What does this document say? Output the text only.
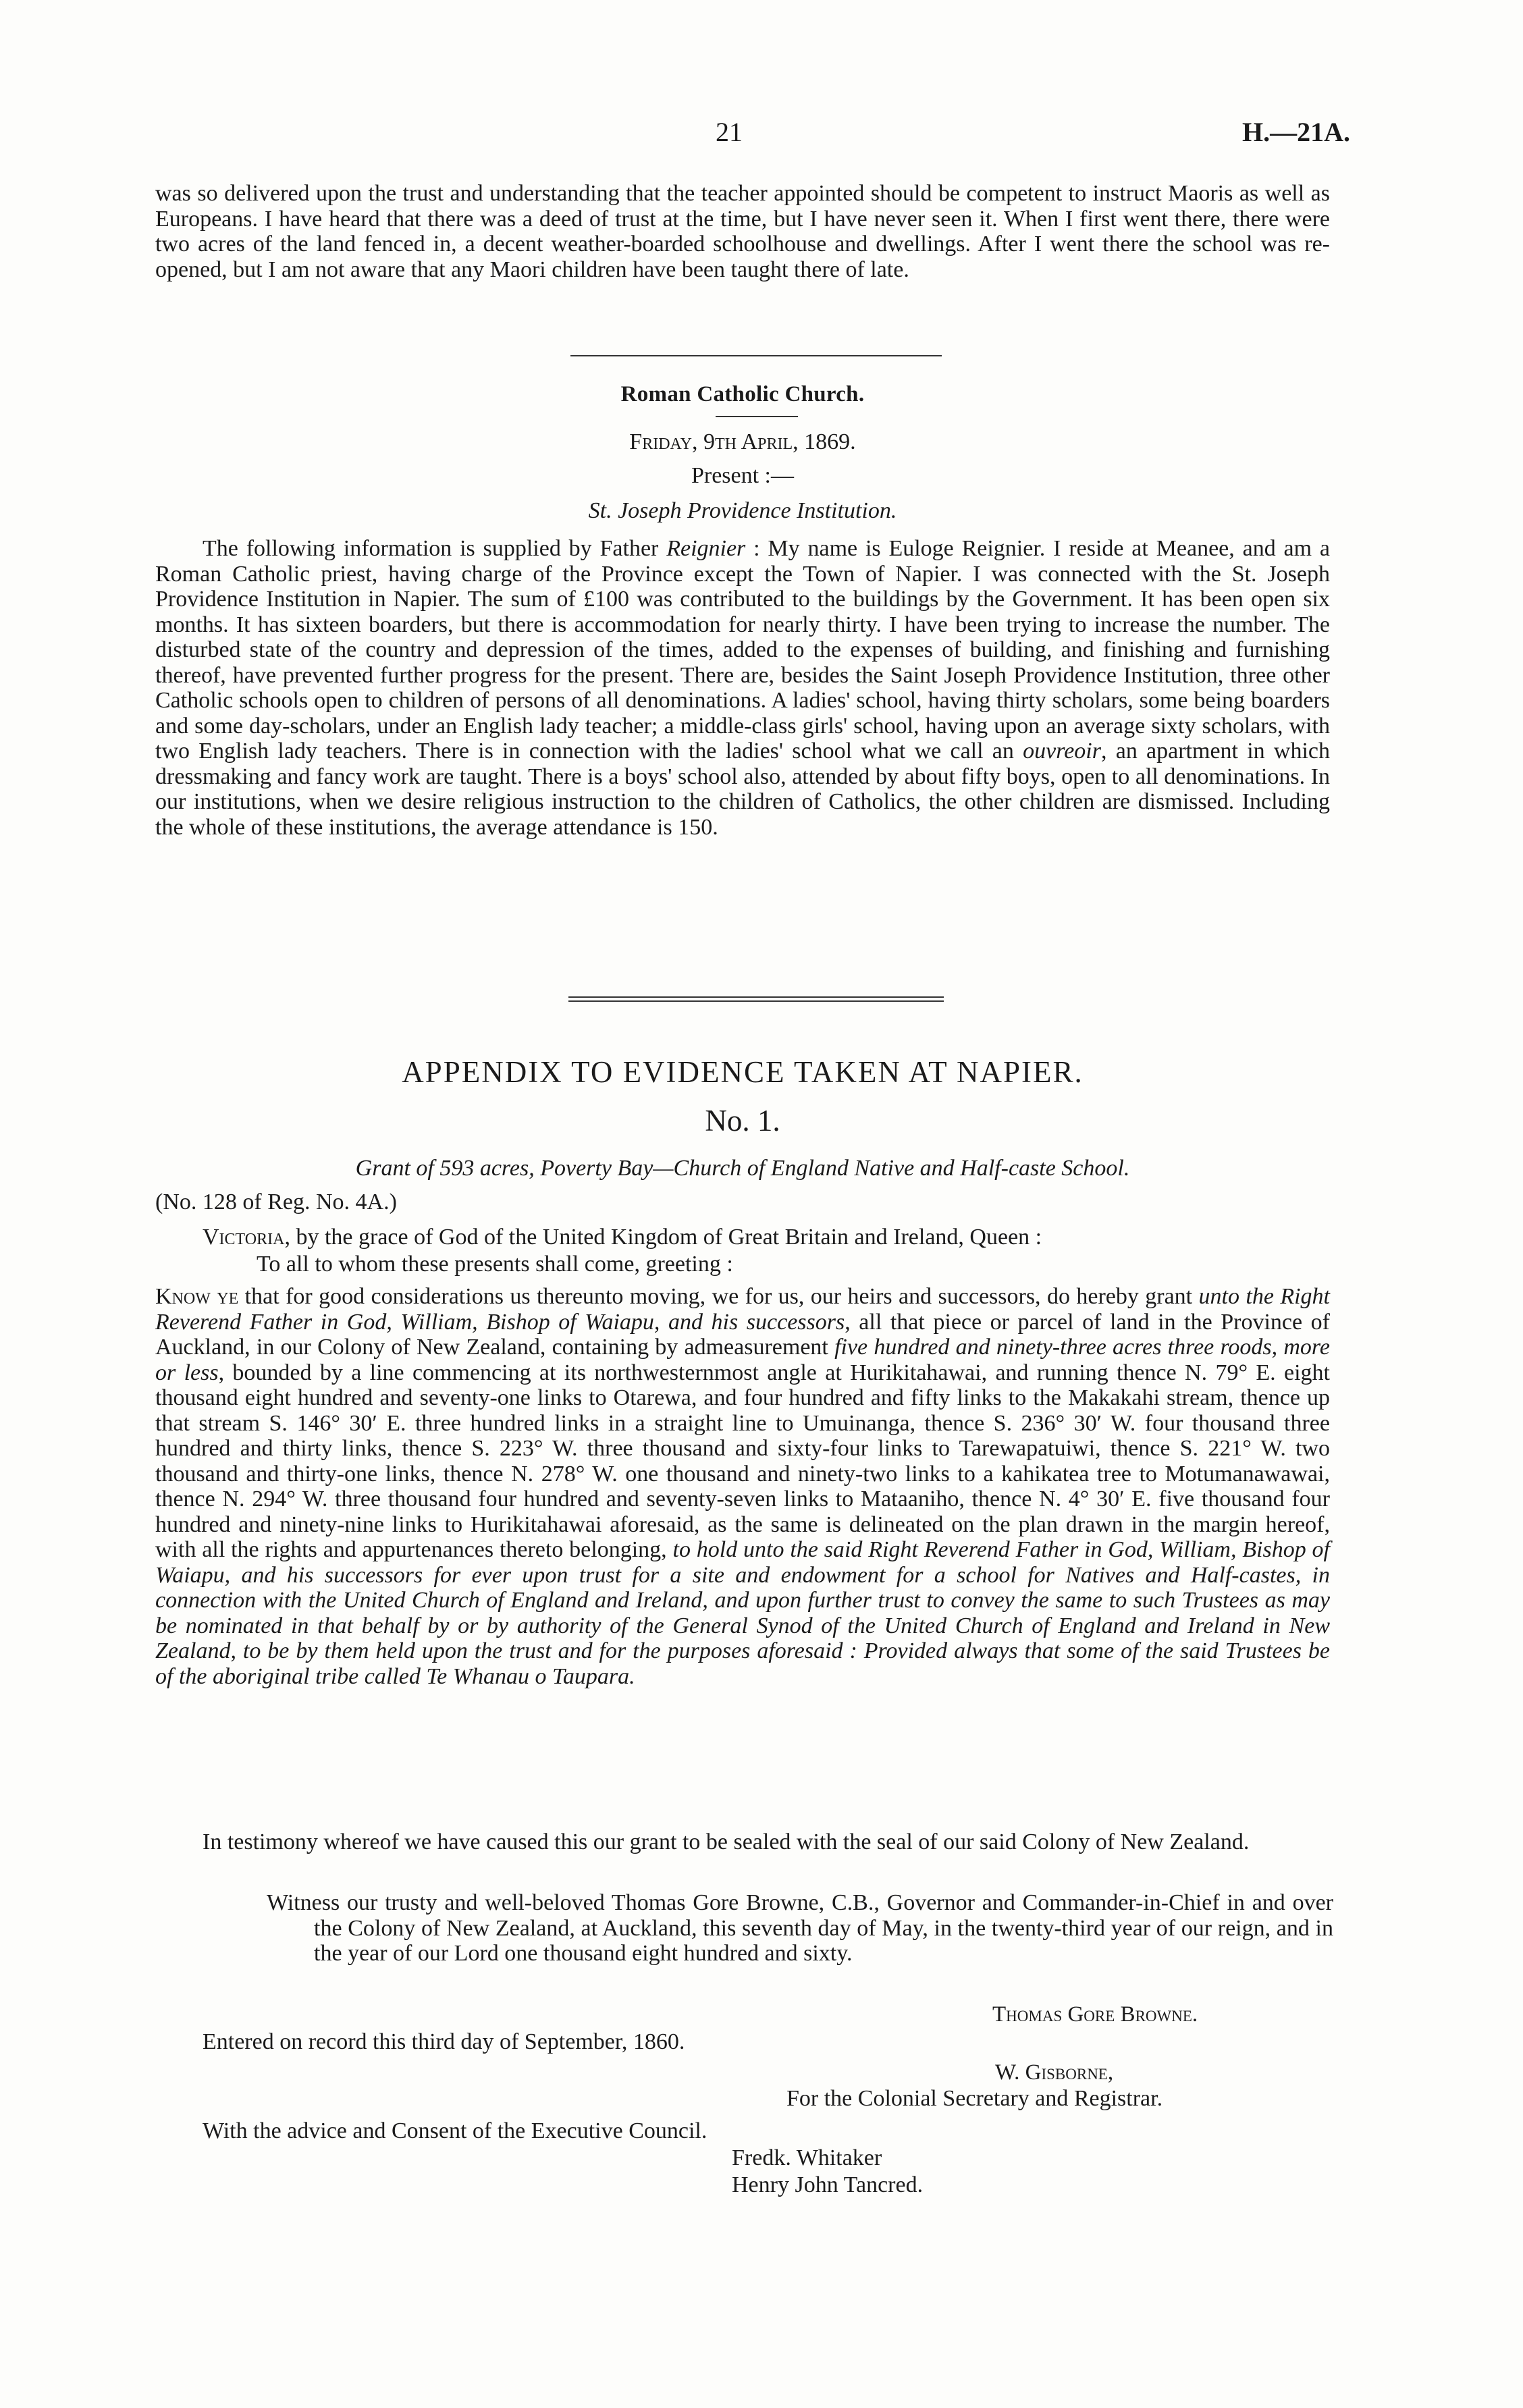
21	H.—21A.
was so delivered upon the trust and understanding that the teacher appointed should be competent to instruct Maoris as well as Europeans. I have heard that there was a deed of trust at the time, but I have never seen it. When I first went there, there were two acres of the land fenced in, a decent weather-boarded schoolhouse and dwellings. After I went there the school was re-opened, but I am not aware that any Maori children have been taught there of late.
Roman Catholic Church.
Friday, 9th April, 1869.
Present :—
St. Joseph Providence Institution.
The following information is supplied by Father Reignier : My name is Euloge Reignier. I reside at Meanee, and am a Roman Catholic priest, having charge of the Province except the Town of Napier. I was connected with the St. Joseph Providence Institution in Napier. The sum of £100 was contributed to the buildings by the Government. It has been open six months. It has sixteen boarders, but there is accommodation for nearly thirty. I have been trying to increase the number. The disturbed state of the country and depression of the times, added to the expenses of building, and finishing and furnishing thereof, have prevented further progress for the present. There are, besides the Saint Joseph Providence Institution, three other Catholic schools open to children of persons of all denominations. A ladies' school, having thirty scholars, some being boarders and some day-scholars, under an English lady teacher; a middle-class girls' school, having upon an average sixty scholars, with two English lady teachers. There is in connection with the ladies' school what we call an ouvreoir, an apartment in which dressmaking and fancy work are taught. There is a boys' school also, attended by about fifty boys, open to all denominations. In our institutions, when we desire religious instruction to the children of Catholics, the other children are dismissed. Including the whole of these institutions, the average attendance is 150.
APPENDIX TO EVIDENCE TAKEN AT NAPIER.
No. 1.
Grant of 593 acres, Poverty Bay—Church of England Native and Half-caste School.
(No. 128 of Reg. No. 4A.)
Victoria, by the grace of God of the United Kingdom of Great Britain and Ireland, Queen :
To all to whom these presents shall come, greeting :
Know ye that for good considerations us thereunto moving, we for us, our heirs and successors, do hereby grant unto the Right Reverend Father in God, William, Bishop of Waiapu, and his successors, all that piece or parcel of land in the Province of Auckland, in our Colony of New Zealand, containing by admeasurement five hundred and ninety-three acres three roods, more or less, bounded by a line commencing at its northwesternmost angle at Hurikitahawai, and running thence N. 79° E. eight thousand eight hundred and seventy-one links to Otarewa, and four hundred and fifty links to the Makakahi stream, thence up that stream S. 146° 30′ E. three hundred links in a straight line to Umuinanga, thence S. 236° 30′ W. four thousand three hundred and thirty links, thence S. 223° W. three thousand and sixty-four links to Tarewapatuiwi, thence S. 221° W. two thousand and thirty-one links, thence N. 278° W. one thousand and ninety-two links to a kahikatea tree to Motumanawawai, thence N. 294° W. three thousand four hundred and seventy-seven links to Mataaniho, thence N. 4° 30′ E. five thousand four hundred and ninety-nine links to Hurikitahawai aforesaid, as the same is delineated on the plan drawn in the margin hereof, with all the rights and appurtenances thereto belonging, to hold unto the said Right Reverend Father in God, William, Bishop of Waiapu, and his successors for ever upon trust for a site and endowment for a school for Natives and Half-castes, in connection with the United Church of England and Ireland, and upon further trust to convey the same to such Trustees as may be nominated in that behalf by or by authority of the General Synod of the United Church of England and Ireland in New Zealand, to be by them held upon the trust and for the purposes aforesaid : Provided always that some of the said Trustees be of the aboriginal tribe called Te Whanau o Taupara.
In testimony whereof we have caused this our grant to be sealed with the seal of our said Colony of New Zealand.
Witness our trusty and well-beloved Thomas Gore Browne, C.B., Governor and Commander-in-Chief in and over the Colony of New Zealand, at Auckland, this seventh day of May, in the twenty-third year of our reign, and in the year of our Lord one thousand eight hundred and sixty.
Thomas Gore Browne.
Entered on record this third day of September, 1860.
W. Gisborne,
For the Colonial Secretary and Registrar.
With the advice and Consent of the Executive Council.
Fredk. Whitaker
Henry John Tancred.
